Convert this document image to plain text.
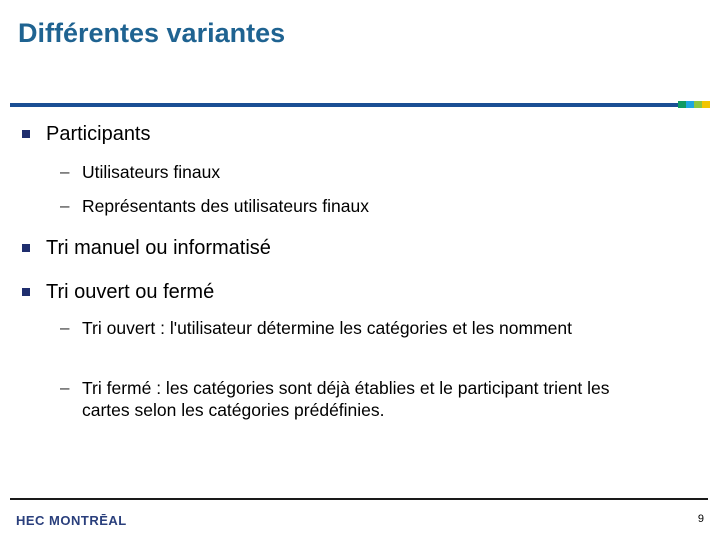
Différentes variantes
Participants
– Utilisateurs finaux
– Représentants des utilisateurs finaux
Tri manuel ou informatisé
Tri ouvert ou fermé
– Tri ouvert : l'utilisateur détermine les catégories et les nomment
– Tri fermé : les catégories sont déjà établies et le participant trient les cartes selon les catégories prédéfinies.
HEC MONTRĒAL	9
